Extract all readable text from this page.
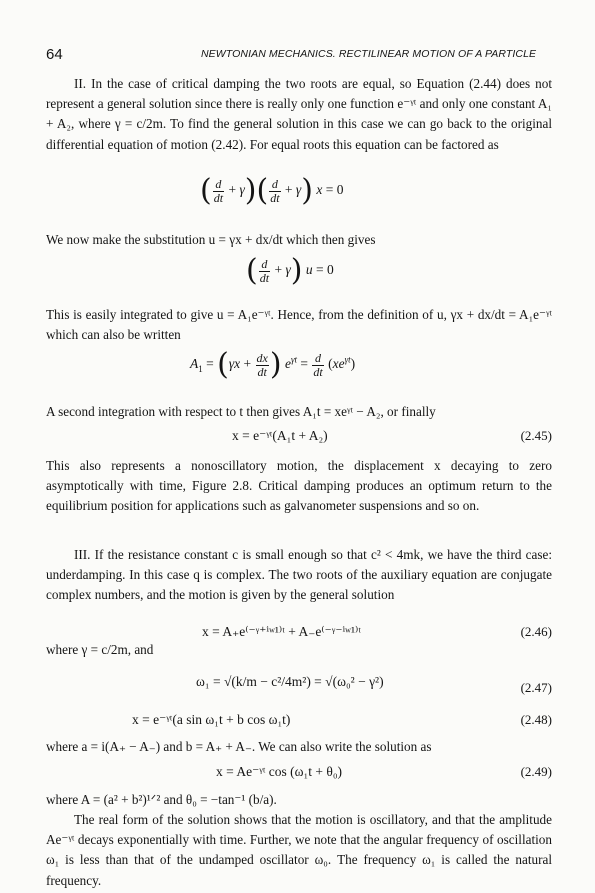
64	NEWTONIAN MECHANICS. RECTILINEAR MOTION OF A PARTICLE

II. In the case of critical damping the two roots are equal, so Equation (2.44) does not represent a general solution since there is really only one function e⁻ᵞᵗ and only one constant A₁ + A₂, where γ = c/2m. To find the general solution in this case we can go back to the original differential equation of motion (2.42). For equal roots this equation can be factored as

( $\frac{d}{dt} + \gamma)( \frac{d}{dt} + \gamma)$ x = 0

We now make the substitution u = γx + dx/dt which then gives

( $\frac{d}{dt} + \gamma$) u = 0

This is easily integrated to give u = A₁e⁻ᵞᵗ. Hence, from the definition of u, γx + dx/dt = A₁e⁻ᵞᵗ which can also be written

$A_1 = (\gamma x + \frac{dx}{dt}$ ) $e^{\gamma t} = \frac{d}{dt} (xe^{\gamma t})$

A second integration with respect to t then gives A₁t = xeᵞᵗ − A₂, or finally

x = e⁻ᵞᵗ(A₁t + A₂)	(2.45)

This also represents a nonoscillatory motion, the displacement x decaying to zero asymptotically with time, Figure 2.8. Critical damping produces an optimum return to the equilibrium position for applications such as galvanometer suspensions and so on.

III. If the resistance constant c is small enough so that c² < 4mk, we have the third case: underdamping. In this case q is complex. The two roots of the auxiliary equation are conjugate complex numbers, and the motion is given by the general solution

x = A₊e⁽⁻ᵞ⁺ⁱʷ¹⁾ᵗ + A₋e⁽⁻ᵞ⁻ⁱʷ¹⁾ᵗ	(2.46)

where γ = c/2m, and

ω₁ = √(k/m − c²/4m²) = √(ω₀² − γ²)	(2.47)
x = e⁻ᵞᵗ(a sin ω₁t + b cos ω₁t)	(2.48)

where a = i(A₊ − A₋) and b = A₊ + A₋. We can also write the solution as

x = Ae⁻ᵞᵗ cos (ω₁t + θ₀)	(2.49)

where A = (a² + b²)¹ᐟ² and θ₀ = −tan⁻¹ (b/a).

The real form of the solution shows that the motion is oscillatory, and that the amplitude Ae⁻ᵞᵗ decays exponentially with time. Further, we note that the angular frequency of oscillation ω₁ is less than that of the undamped oscillator ω₀. The frequency ω₁ is called the natural frequency.
